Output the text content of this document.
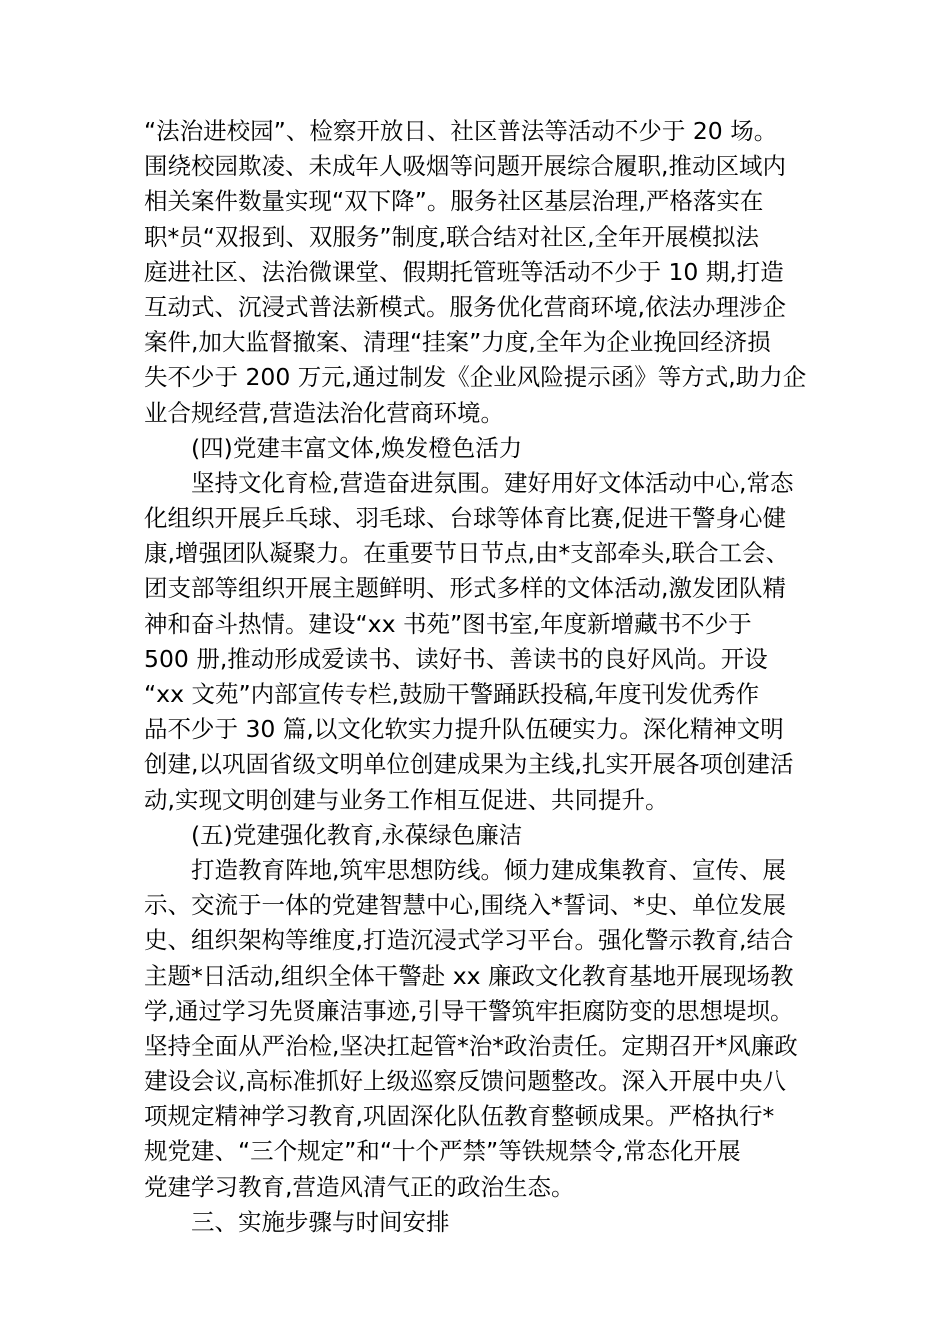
“法治进校园”、检察开放日、社区普法等活动不少于 20 场。
围绕校园欺凌、未成年人吸烟等问题开展综合履职,推动区域内
相关案件数量实现“双下降”。服务社区基层治理,严格落实在
职*员“双报到、双服务”制度,联合结对社区,全年开展模拟法
庭进社区、法治微课堂、假期托管班等活动不少于 10 期,打造
互动式、沉浸式普法新模式。服务优化营商环境,依法办理涉企
案件,加大监督撤案、清理“挂案”力度,全年为企业挽回经济损
失不少于 200 万元,通过制发《企业风险提示函》等方式,助力企
业合规经营,营造法治化营商环境。
(四)党建丰富文体,焕发橙色活力
坚持文化育检,营造奋进氛围。建好用好文体活动中心,常态
化组织开展乒乓球、羽毛球、台球等体育比赛,促进干警身心健
康,增强团队凝聚力。在重要节日节点,由*支部牵头,联合工会、
团支部等组织开展主题鲜明、形式多样的文体活动,激发团队精
神和奋斗热情。建设“xx 书苑”图书室,年度新增藏书不少于
500 册,推动形成爱读书、读好书、善读书的良好风尚。开设
“xx 文苑”内部宣传专栏,鼓励干警踊跃投稿,年度刊发优秀作
品不少于 30 篇,以文化软实力提升队伍硬实力。深化精神文明
创建,以巩固省级文明单位创建成果为主线,扎实开展各项创建活
动,实现文明创建与业务工作相互促进、共同提升。
(五)党建强化教育,永葆绿色廉洁
打造教育阵地,筑牢思想防线。倾力建成集教育、宣传、展
示、交流于一体的党建智慧中心,围绕入*誓词、*史、单位发展
史、组织架构等维度,打造沉浸式学习平台。强化警示教育,结合
主题*日活动,组织全体干警赴 xx 廉政文化教育基地开展现场教
学,通过学习先贤廉洁事迹,引导干警筑牢拒腐防变的思想堤坝。
坚持全面从严治检,坚决扛起管*治*政治责任。定期召开*风廉政
建设会议,高标准抓好上级巡察反馈问题整改。深入开展中央八
项规定精神学习教育,巩固深化队伍教育整顿成果。严格执行*
规党建、“三个规定”和“十个严禁”等铁规禁令,常态化开展
党建学习教育,营造风清气正的政治生态。
三、实施步骤与时间安排
